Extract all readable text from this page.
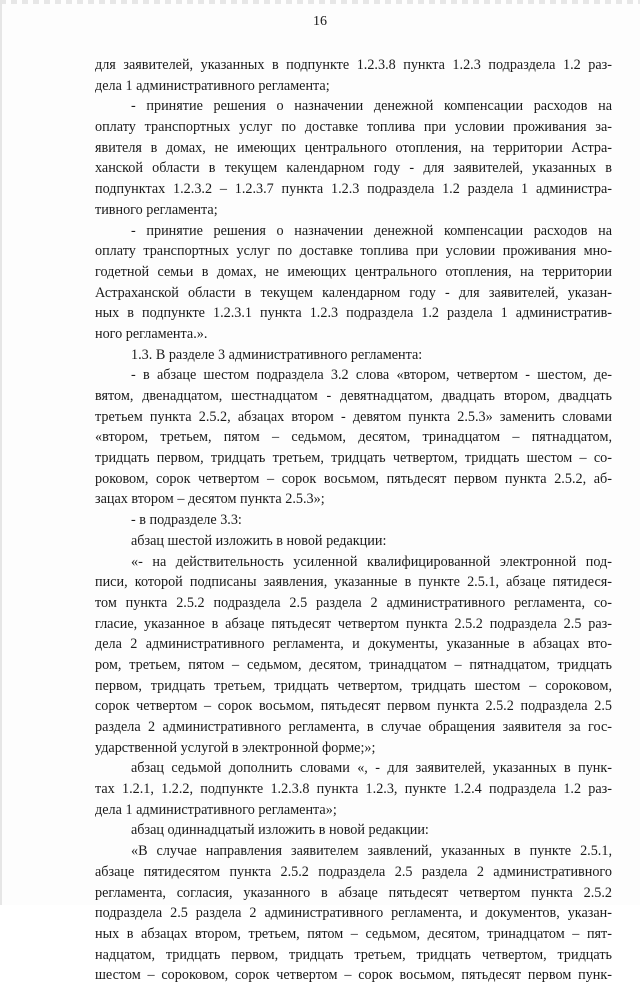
16
для заявителей, указанных в подпункте 1.2.3.8 пункта 1.2.3 подраздела 1.2 раз-
дела 1 административного регламента;
- принятие решения о назначении денежной компенсации расходов на
оплату транспортных услуг по доставке топлива при условии проживания за-
явителя в домах, не имеющих центрального отопления, на территории Астра-
ханской области в текущем календарном году - для заявителей, указанных в
подпунктах 1.2.3.2 – 1.2.3.7 пункта 1.2.3 подраздела 1.2 раздела 1 администра-
тивного регламента;
- принятие решения о назначении денежной компенсации расходов на
оплату транспортных услуг по доставке топлива при условии проживания мно-
годетной семьи в домах, не имеющих центрального отопления, на территории
Астраханской области в текущем календарном году - для заявителей, указан-
ных в подпункте 1.2.3.1 пункта 1.2.3 подраздела 1.2 раздела 1 административ-
ного регламента.».
1.3. В разделе 3 административного регламента:
- в абзаце шестом подраздела 3.2 слова «втором, четвертом - шестом, де-
вятом, двенадцатом, шестнадцатом - девятнадцатом, двадцать втором, двадцать
третьем пункта 2.5.2, абзацах втором - девятом пункта 2.5.3» заменить словами
«втором, третьем, пятом – седьмом, десятом, тринадцатом – пятнадцатом,
тридцать первом, тридцать третьем, тридцать четвертом, тридцать шестом – со-
роковом, сорок четвертом – сорок восьмом, пятьдесят первом пункта 2.5.2, аб-
зацах втором – десятом пункта 2.5.3»;
- в подразделе 3.3:
абзац шестой изложить в новой редакции:
«- на действительность усиленной квалифицированной электронной под-
писи, которой подписаны заявления, указанные в пункте 2.5.1, абзаце пятидеся-
том пункта 2.5.2 подраздела 2.5 раздела 2 административного регламента, со-
гласие, указанное в абзаце пятьдесят четвертом пункта 2.5.2 подраздела 2.5 раз-
дела 2 административного регламента, и документы, указанные в абзацах вто-
ром, третьем, пятом – седьмом, десятом, тринадцатом – пятнадцатом, тридцать
первом, тридцать третьем, тридцать четвертом, тридцать шестом – сороковом,
сорок четвертом – сорок восьмом, пятьдесят первом пункта 2.5.2 подраздела 2.5
раздела 2 административного регламента, в случае обращения заявителя за гос-
ударственной услугой в электронной форме;»;
абзац седьмой дополнить словами «, - для заявителей, указанных в пунк-
тах 1.2.1, 1.2.2, подпункте 1.2.3.8 пункта 1.2.3, пункте 1.2.4 подраздела 1.2 раз-
дела 1 административного регламента»;
абзац одиннадцатый изложить в новой редакции:
«В случае направления заявителем заявлений, указанных в пункте 2.5.1,
абзаце пятидесятом пункта 2.5.2 подраздела 2.5 раздела 2 административного
регламента, согласия, указанного в абзаце пятьдесят четвертом пункта 2.5.2
подраздела 2.5 раздела 2 административного регламента, и документов, указан-
ных в абзацах втором, третьем, пятом – седьмом, десятом, тринадцатом – пят-
надцатом, тридцать первом, тридцать третьем, тридцать четвертом, тридцать
шестом – сороковом, сорок четвертом – сорок восьмом, пятьдесят первом пунк-
